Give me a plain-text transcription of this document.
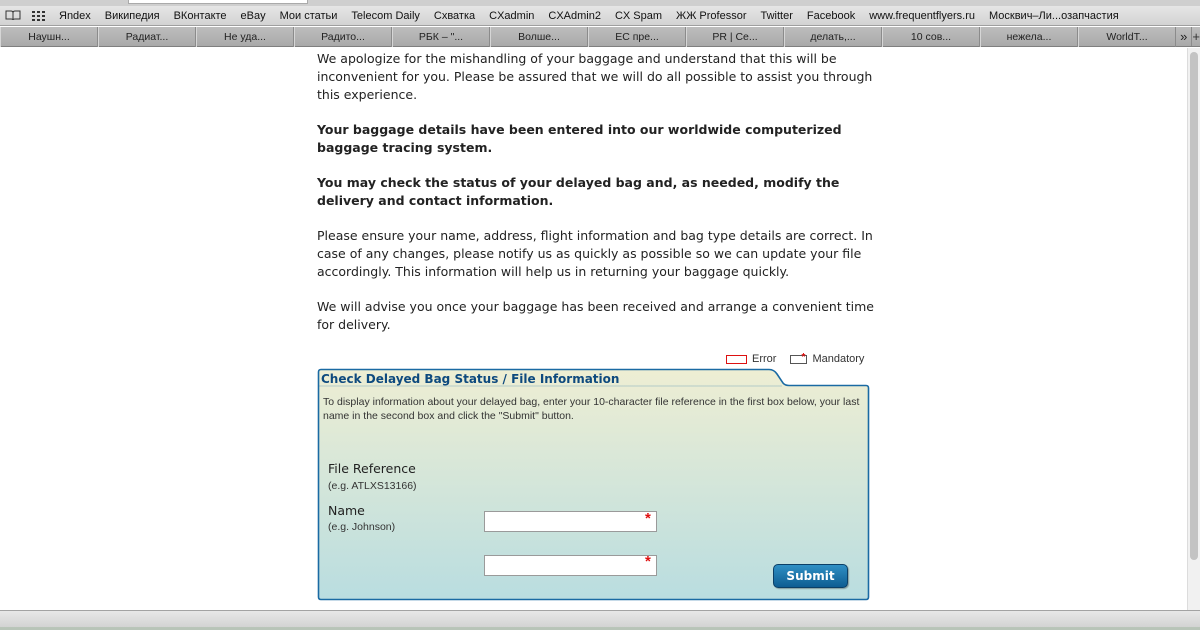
Яndex	Википедия	ВКонтакте	eBay	Мои статьи	Telecom Daily	Схватка	CXadmin	CXAdmin2	CX Spam	ЖЖ Professor	Twitter	Facebook	www.frequentflyers.ru	Москвич–Ли...озапчастия
Наушн...	Радиат...	Не уда...	Радито...	РБК – "...	Волше...	ЕС пре...	PR | Се...	делать,...	10 сов...	нежела...	WorldT...	» +

We apologize for the mishandling of your baggage and understand that this will be inconvenient for you. Please be assured that we will do all possible to assist you through this experience.

Your baggage details have been entered into our worldwide computerized baggage tracing system.

You may check the status of your delayed bag and, as needed, modify the delivery and contact information.

Please ensure your name, address, flight information and bag type details are correct. In case of any changes, please notify us as quickly as possible so we can update your file accordingly. This information will help us in returning your baggage quickly.

We will advise you once your baggage has been received and arrange a convenient time for delivery.

Error
*	Mandatory
Check Delayed Bag Status / File Information
To display information about your delayed bag, enter your 10-character file reference in the first box below, your last name in the second box and click the "Submit" button.
File Reference
(e.g. ATLXS13166)
*
Name
(e.g. Johnson)
*
Submit
